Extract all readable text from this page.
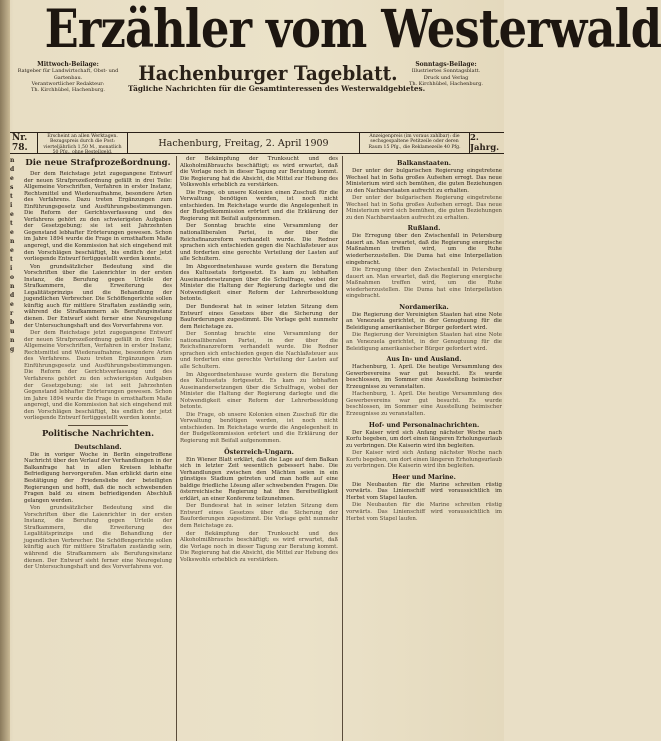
Erzähler vom Westerwald
Mittwoch-Beilage:
Ratgeber für Landwirtschaft, Obst- und Gartenbau.
Verantwortlicher Redakteur:
Th. Kirchhübel, Hachenburg.
Hachenburger Tageblatt.
Tägliche Nachrichten für die Gesamtinteressen des Westerwaldgebietes.
Sonntags-Beilage:
Illustriertes Sonntagsblatt.
Druck und Verlag
Th. Kirchhübel, Hachenburg.
Nr. 78.
Erscheint an allen Werktagen. Bezugspreis durch die Post: vierteljährlich 1,50 M., monatlich 50 Pfg., ohne Bestellgeld.
Hachenburg, Freitag, 2. April 1909
Anzeigenpreis (im voraus zahlbar): die sechsgespaltene Petitzeile oder deren Raum 15 Pfg., die Reklamezeile 40 Pfg.
2. Jahrg.
n
d
e
s
t
i
e
t
e
n
e
t
i
o
n
d
e
r
b
u
n
g
Die neue Strafprozeßordnung.

Der dem Reichstage jetzt zugegangene Entwurf der neuen Strafprozeßordnung gefällt in drei Teile: Allgemeine Vorschriften, Verfahren in erster Instanz, Rechtsmittel und Wiederaufnahme, besondere Arten des Verfahrens. Dazu treten Ergänzungen zum Einführungsgesetz und Ausführungsbestimmungen. Die Reform der Gerichtsverfassung und des Verfahrens gehört zu den schwierigsten Aufgaben der Gesetzgebung; sie ist seit Jahrzehnten Gegenstand lebhafter Erörterungen gewesen. Schon im Jahre 1894 wurde die Frage in ernsthaftem Maße angeregt, und die Kommission hat sich eingehend mit den Vorschlägen beschäftigt, bis endlich der jetzt vorliegende Entwurf fertiggestellt werden konnte.

Von grundsätzlicher Bedeutung sind die Vorschriften über die Laienrichter in der ersten Instanz, die Berufung gegen Urteile der Strafkammern, die Erweiterung des Legalitätsprinzips und die Behandlung der jugendlichen Verbrecher. Die Schöffengerichte sollen künftig auch für mittlere Straftaten zuständig sein, während die Strafkammern als Berufungsinstanz dienen. Der Entwurf sieht ferner eine Neuregelung der Untersuchungshaft und des Vorverfahrens vor.

Der dem Reichstage jetzt zugegangene Entwurf der neuen Strafprozeßordnung gefällt in drei Teile: Allgemeine Vorschriften, Verfahren in erster Instanz, Rechtsmittel und Wiederaufnahme, besondere Arten des Verfahrens. Dazu treten Ergänzungen zum Einführungsgesetz und Ausführungsbestimmungen. Die Reform der Gerichtsverfassung und des Verfahrens gehört zu den schwierigsten Aufgaben der Gesetzgebung; sie ist seit Jahrzehnten Gegenstand lebhafter Erörterungen gewesen. Schon im Jahre 1894 wurde die Frage in ernsthaftem Maße angeregt, und die Kommission hat sich eingehend mit den Vorschlägen beschäftigt, bis endlich der jetzt vorliegende Entwurf fertiggestellt werden konnte.

Politische Nachrichten.
Deutschland.

Die in voriger Woche in Berlin eingetroffene Nachricht über den Verlauf der Verhandlungen in der Balkanfrage hat in allen Kreisen lebhafte Befriedigung hervorgerufen. Man erblickt darin eine Bestätigung der Friedensliebe der beteiligten Regierungen und hofft, daß die noch schwebenden Fragen bald zu einem befriedigenden Abschluß gelangen werden.

Von grundsätzlicher Bedeutung sind die Vorschriften über die Laienrichter in der ersten Instanz, die Berufung gegen Urteile der Strafkammern, die Erweiterung des Legalitätsprinzips und die Behandlung der jugendlichen Verbrecher. Die Schöffengerichte sollen künftig auch für mittlere Straftaten zuständig sein, während die Strafkammern als Berufungsinstanz dienen. Der Entwurf sieht ferner eine Neuregelung der Untersuchungshaft und des Vorverfahrens vor.

der Bekämpfung der Trunksucht und des Alkoholmißbrauchs beschäftigt; es wird erwartet, daß die Vorlage noch in dieser Tagung zur Beratung kommt. Die Regierung hat die Absicht, die Mittel zur Hebung des Volkswohls erheblich zu verstärken.

Die Frage, ob unsere Kolonien einen Zuschuß für die Verwaltung benötigen werden, ist noch nicht entschieden. Im Reichstage wurde die Angelegenheit in der Budgetkommission erörtert und die Erklärung der Regierung mit Beifall aufgenommen.

Der Sonntag brachte eine Versammlung der nationalliberalen Partei, in der über die Reichsfinanzreform verhandelt wurde. Die Redner sprachen sich entschieden gegen die Nachlaßsteuer aus und forderten eine gerechte Verteilung der Lasten auf alle Schultern.

Im Abgeordnetenhause wurde gestern die Beratung des Kultusetats fortgesetzt. Es kam zu lebhaften Auseinandersetzungen über die Schulfrage, wobei der Minister die Haltung der Regierung darlegte und die Notwendigkeit einer Reform der Lehrerbesoldung betonte.

Der Bundesrat hat in seiner letzten Sitzung dem Entwurf eines Gesetzes über die Sicherung der Bauforderungen zugestimmt. Die Vorlage geht nunmehr dem Reichstage zu.

Der Sonntag brachte eine Versammlung der nationalliberalen Partei, in der über die Reichsfinanzreform verhandelt wurde. Die Redner sprachen sich entschieden gegen die Nachlaßsteuer aus und forderten eine gerechte Verteilung der Lasten auf alle Schultern.

Im Abgeordnetenhause wurde gestern die Beratung des Kultusetats fortgesetzt. Es kam zu lebhaften Auseinandersetzungen über die Schulfrage, wobei der Minister die Haltung der Regierung darlegte und die Notwendigkeit einer Reform der Lehrerbesoldung betonte.

Die Frage, ob unsere Kolonien einen Zuschuß für die Verwaltung benötigen werden, ist noch nicht entschieden. Im Reichstage wurde die Angelegenheit in der Budgetkommission erörtert und die Erklärung der Regierung mit Beifall aufgenommen.

Österreich-Ungarn.

Ein Wiener Blatt erklärt, daß die Lage auf dem Balkan sich in letzter Zeit wesentlich gebessert habe. Die Verhandlungen zwischen den Mächten seien in ein günstiges Stadium getreten und man hoffe auf eine baldige friedliche Lösung aller schwebenden Fragen. Die österreichische Regierung hat ihre Bereitwilligkeit erklärt, an einer Konferenz teilzunehmen.

Der Bundesrat hat in seiner letzten Sitzung dem Entwurf eines Gesetzes über die Sicherung der Bauforderungen zugestimmt. Die Vorlage geht nunmehr dem Reichstage zu.

der Bekämpfung der Trunksucht und des Alkoholmißbrauchs beschäftigt; es wird erwartet, daß die Vorlage noch in dieser Tagung zur Beratung kommt. Die Regierung hat die Absicht, die Mittel zur Hebung des Volkswohls erheblich zu verstärken.

Balkanstaaten.

Der unter der bulgarischen Regierung eingetretene Wechsel hat in Sofia großes Aufsehen erregt. Das neue Ministerium wird sich bemühen, die guten Beziehungen zu den Nachbarstaaten aufrecht zu erhalten.

Der unter der bulgarischen Regierung eingetretene Wechsel hat in Sofia großes Aufsehen erregt. Das neue Ministerium wird sich bemühen, die guten Beziehungen zu den Nachbarstaaten aufrecht zu erhalten.

Rußland.

Die Erregung über den Zwischenfall in Petersburg dauert an. Man erwartet, daß die Regierung energische Maßnahmen treffen wird, um die Ruhe wiederherzustellen. Die Duma hat eine Interpellation eingebracht.

Die Erregung über den Zwischenfall in Petersburg dauert an. Man erwartet, daß die Regierung energische Maßnahmen treffen wird, um die Ruhe wiederherzustellen. Die Duma hat eine Interpellation eingebracht.

Nordamerika.

Die Regierung der Vereinigten Staaten hat eine Note an Venezuela gerichtet, in der Genugtuung für die Beleidigung amerikanischer Bürger gefordert wird.

Die Regierung der Vereinigten Staaten hat eine Note an Venezuela gerichtet, in der Genugtuung für die Beleidigung amerikanischer Bürger gefordert wird.

Aus In- und Ausland.

Hachenburg, 1. April. Die heutige Versammlung des Gewerbevereins war gut besucht. Es wurde beschlossen, im Sommer eine Ausstellung heimischer Erzeugnisse zu veranstalten.

Hachenburg, 1. April. Die heutige Versammlung des Gewerbevereins war gut besucht. Es wurde beschlossen, im Sommer eine Ausstellung heimischer Erzeugnisse zu veranstalten.

Hof- und Personalnachrichten.

Der Kaiser wird sich Anfang nächster Woche nach Korfu begeben, um dort einen längeren Erholungsurlaub zu verbringen. Die Kaiserin wird ihn begleiten.

Der Kaiser wird sich Anfang nächster Woche nach Korfu begeben, um dort einen längeren Erholungsurlaub zu verbringen. Die Kaiserin wird ihn begleiten.

Heer und Marine.

Die Neubauten für die Marine schreiten rüstig vorwärts. Das Linienschiff wird voraussichtlich im Herbst vom Stapel laufen.

Die Neubauten für die Marine schreiten rüstig vorwärts. Das Linienschiff wird voraussichtlich im Herbst vom Stapel laufen.
